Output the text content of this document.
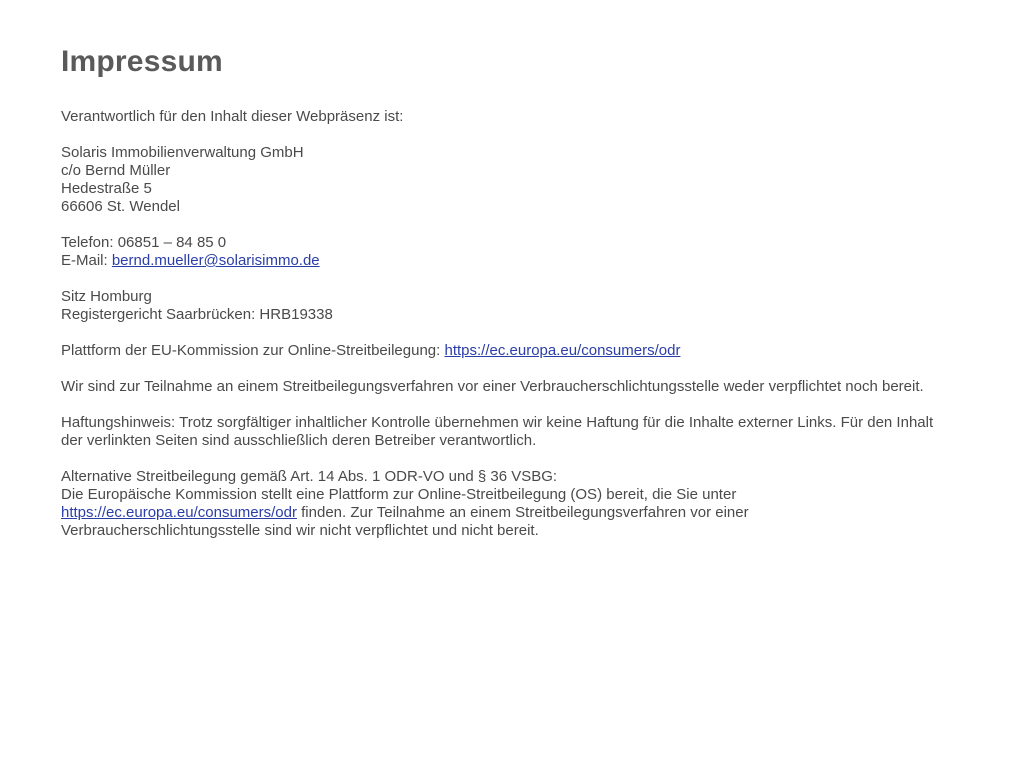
Impressum

Verantwortlich für den Inhalt dieser Webpräsenz ist:

Solaris Immobilienverwaltung GmbH
c/o Bernd Müller
Hedestraße 5
66606 St. Wendel

Telefon: 06851 – 84 85 0
E-Mail: bernd.mueller@solarisimmo.de

Sitz Homburg
Registergericht Saarbrücken: HRB19338

Plattform der EU-Kommission zur Online-Streitbeilegung: https://ec.europa.eu/consumers/odr

Wir sind zur Teilnahme an einem Streitbeilegungsverfahren vor einer Verbraucherschlichtungsstelle weder verpflichtet noch bereit.

Haftungshinweis: Trotz sorgfältiger inhaltlicher Kontrolle übernehmen wir keine Haftung für die Inhalte externer Links. Für den Inhalt der verlinkten Seiten sind ausschließlich deren Betreiber verantwortlich.

Alternative Streitbeilegung gemäß Art. 14 Abs. 1 ODR-VO und § 36 VSBG:
Die Europäische Kommission stellt eine Plattform zur Online-Streitbeilegung (OS) bereit, die Sie unter https://ec.europa.eu/consumers/odr finden. Zur Teilnahme an einem Streitbeilegungsverfahren vor einer Verbraucherschlichtungsstelle sind wir nicht verpflichtet und nicht bereit.
